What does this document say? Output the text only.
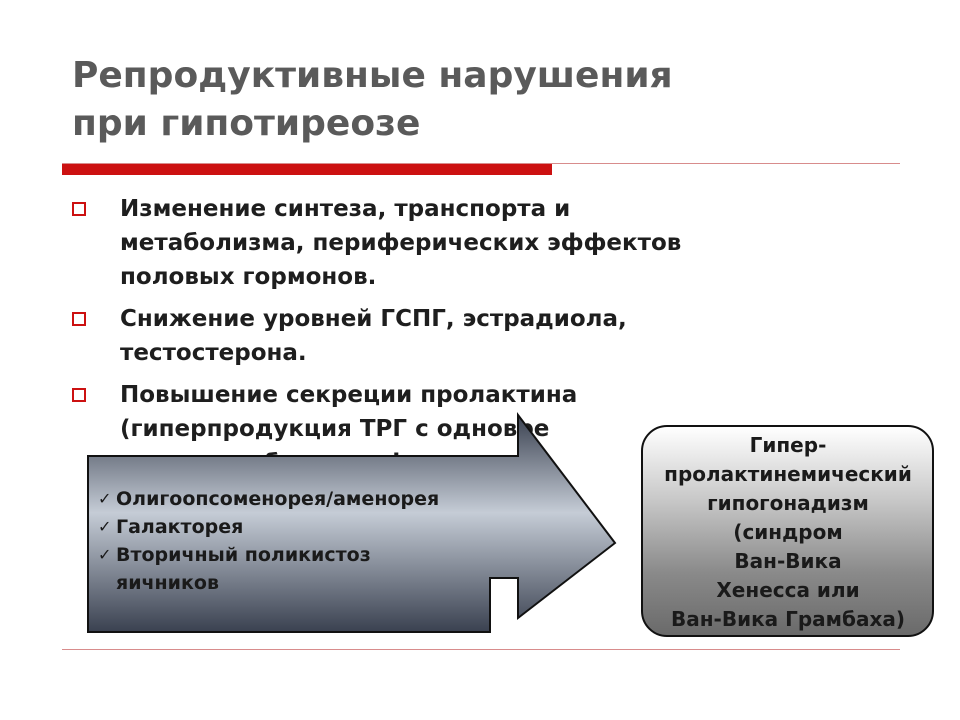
Репродуктивные нарушения
при гипотиреозе
Изменение синтеза, транспорта и
метаболизма, периферических эффектов
половых гормонов.
Снижение уровней ГСПГ, эстрадиола,
тестостерона.
Повышение секреции пролактина
(гиперпродукция ТРГ с одновре
✓ Олигоопсоменорея/аменорея
✓ Галакторея
✓ Вторичный поликистоз
яичников
Гипер-
пролактинемический
гипогонадизм
(синдром
Ван-Вика
Хенесса или
Ван-Вика Грамбаха)
